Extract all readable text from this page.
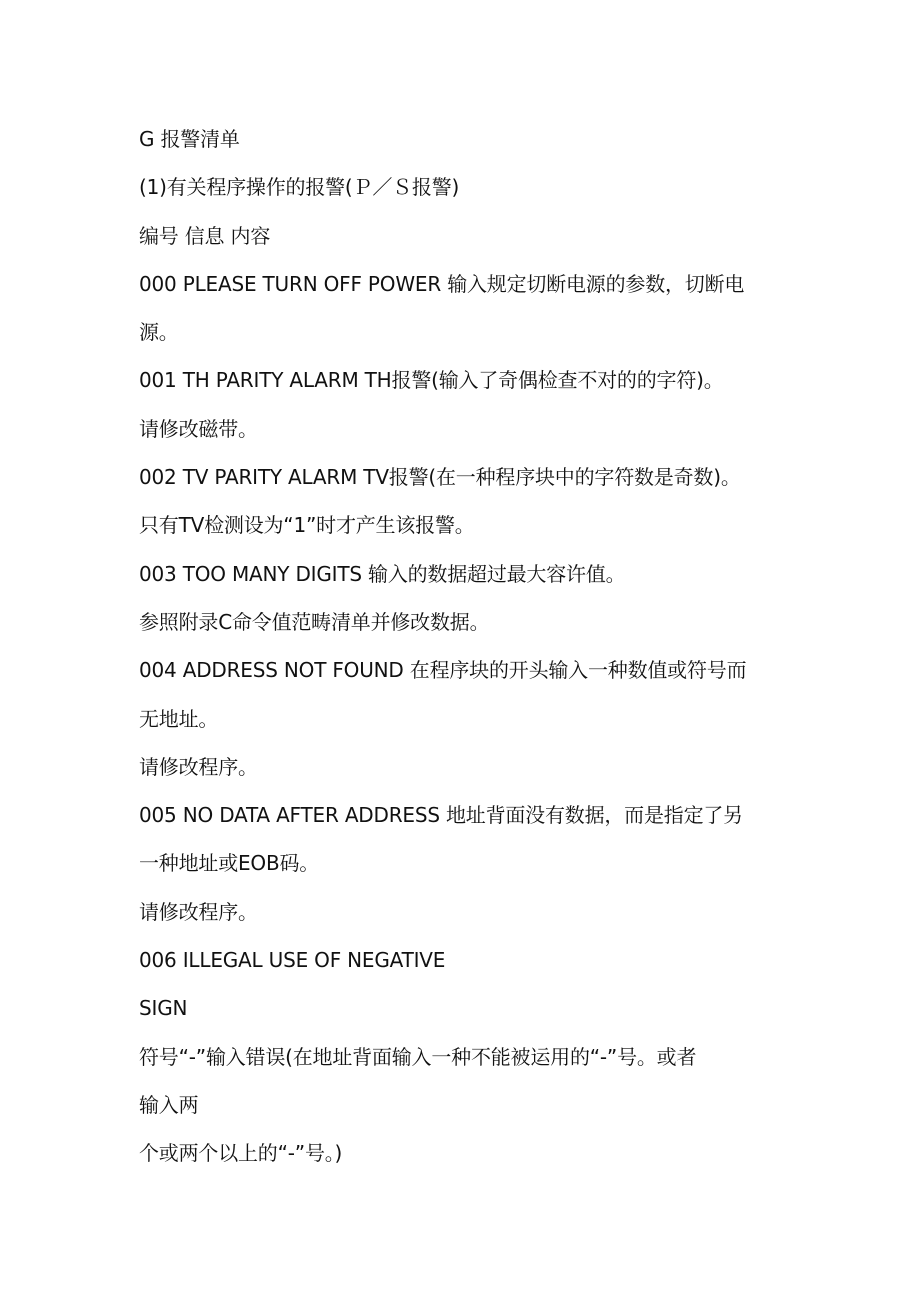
G 报警清单
(1)有关程序操作的报警(Ｐ／Ｓ报警)
编号 信息 内容
000 PLEASE TURN OFF POWER 输入规定切断电源的参数，切断电
源。
001 TH PARITY ALARM TH报警(输入了奇偶检查不对的的字符)。
请修改磁带。
002 TV PARITY ALARM TV报警(在一种程序块中的字符数是奇数)。
只有TV检测设为“1”时才产生该报警。
003 TOO MANY DIGITS 输入的数据超过最大容许值。
参照附录C命令值范畴清单并修改数据。
004 ADDRESS NOT FOUND 在程序块的开头输入一种数值或符号而
无地址。
请修改程序。
005 NO DATA AFTER ADDRESS 地址背面没有数据，而是指定了另
一种地址或EOB码。
请修改程序。
006 ILLEGAL USE OF NEGATIVE
SIGN
符号“-”输入错误(在地址背面输入一种不能被运用的“-”号。或者
输入两
个或两个以上的“-”号。)
